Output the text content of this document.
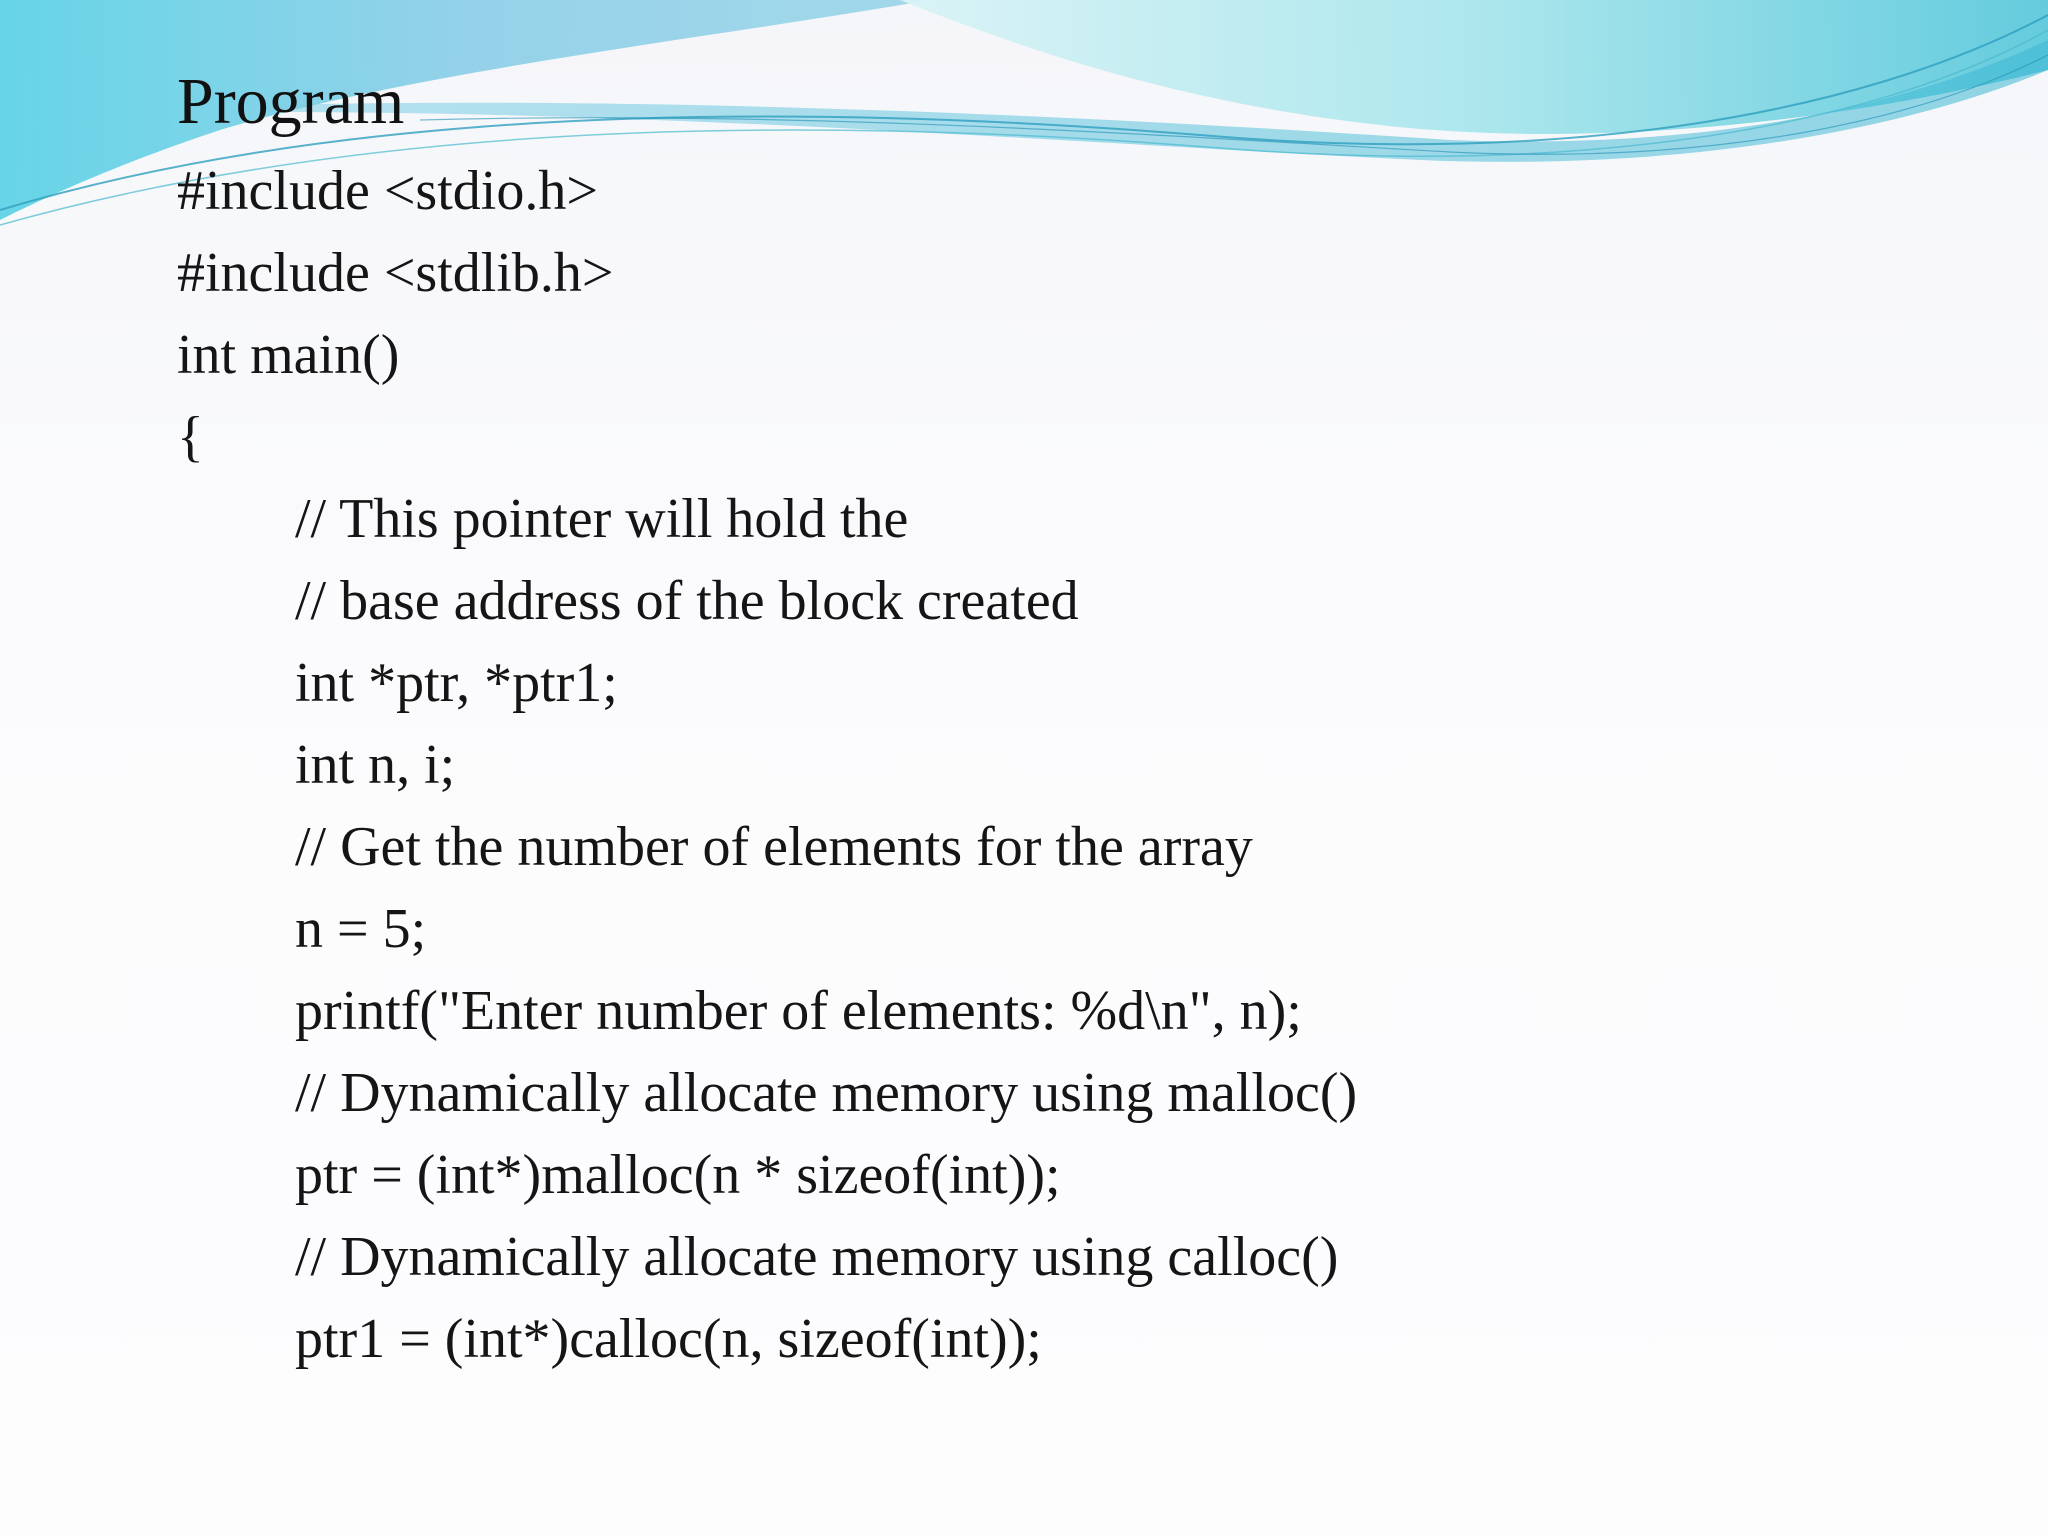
Program
#include <stdio.h>
#include <stdlib.h>
int main()
{
// This pointer will hold the
// base address of the block created
int *ptr, *ptr1;
int n, i;
// Get the number of elements for the array
n = 5;
printf("Enter number of elements: %d\n", n);
// Dynamically allocate memory using malloc()
ptr = (int*)malloc(n * sizeof(int));
// Dynamically allocate memory using calloc()
ptr1 = (int*)calloc(n, sizeof(int));
